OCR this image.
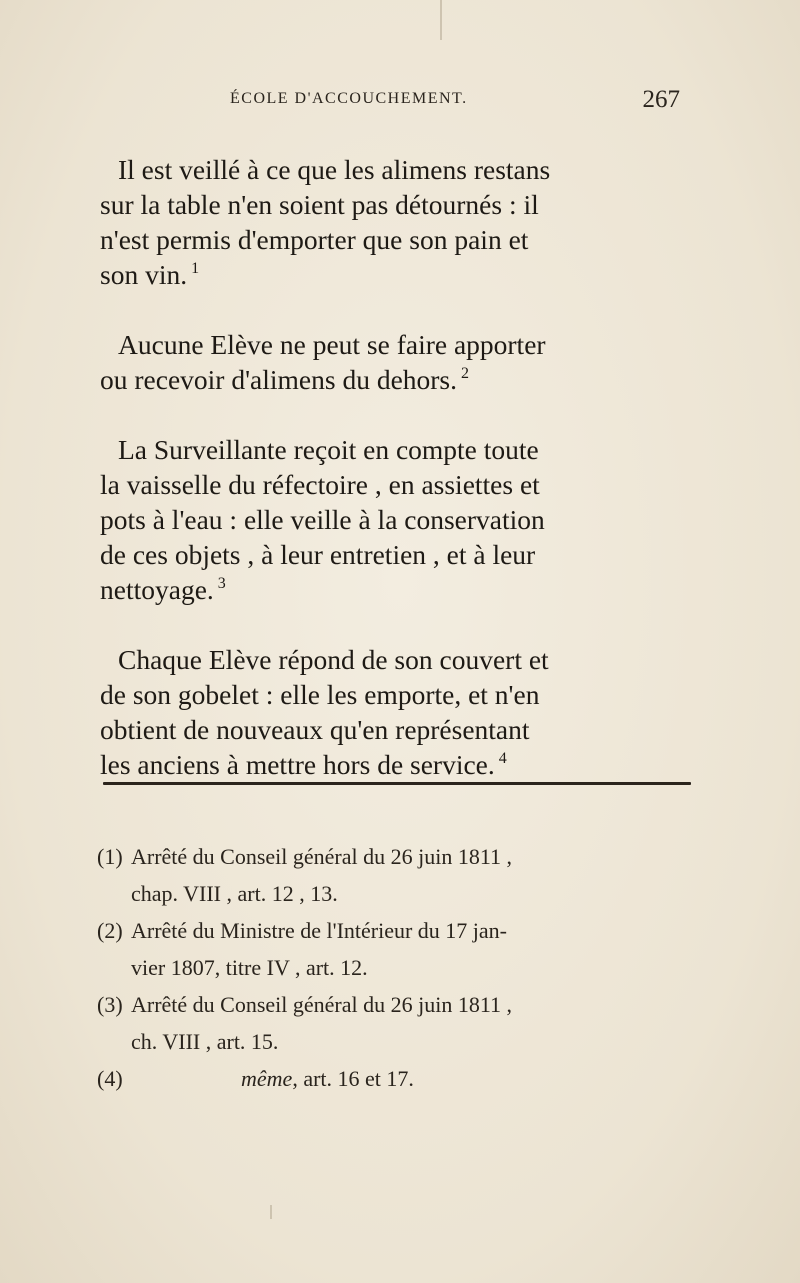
ÉCOLE D'ACCOUCHEMENT.	267

Il est veillé à ce que les alimens restans
sur la table n'en soient pas détournés : il
n'est permis d'emporter que son pain et
son vin. $^1$

Aucune Elève ne peut se faire apporter
ou recevoir d'alimens du dehors. $^2$

La Surveillante reçoit en compte toute
la vaisselle du réfectoire , en assiettes et
pots à l'eau : elle veille à la conservation
de ces objets , à leur entretien , et à leur
nettoyage. $^3$

Chaque Elève répond de son couvert et
de son gobelet : elle les emporte, et n'en
obtient de nouveaux qu'en représentant
les anciens à mettre hors de service. $^4$

(1) Arrêté du Conseil général du 26 juin 1811 ,
chap. VIII , art. 12 , 13.
(2) Arrêté du Ministre de l'Intérieur du 17 jan-
vier 1807, titre IV , art. 12.
(3) Arrêté du Conseil général du 26 juin 1811 ,
ch. VIII , art. 15.
(4)	même, art. 16 et 17.
